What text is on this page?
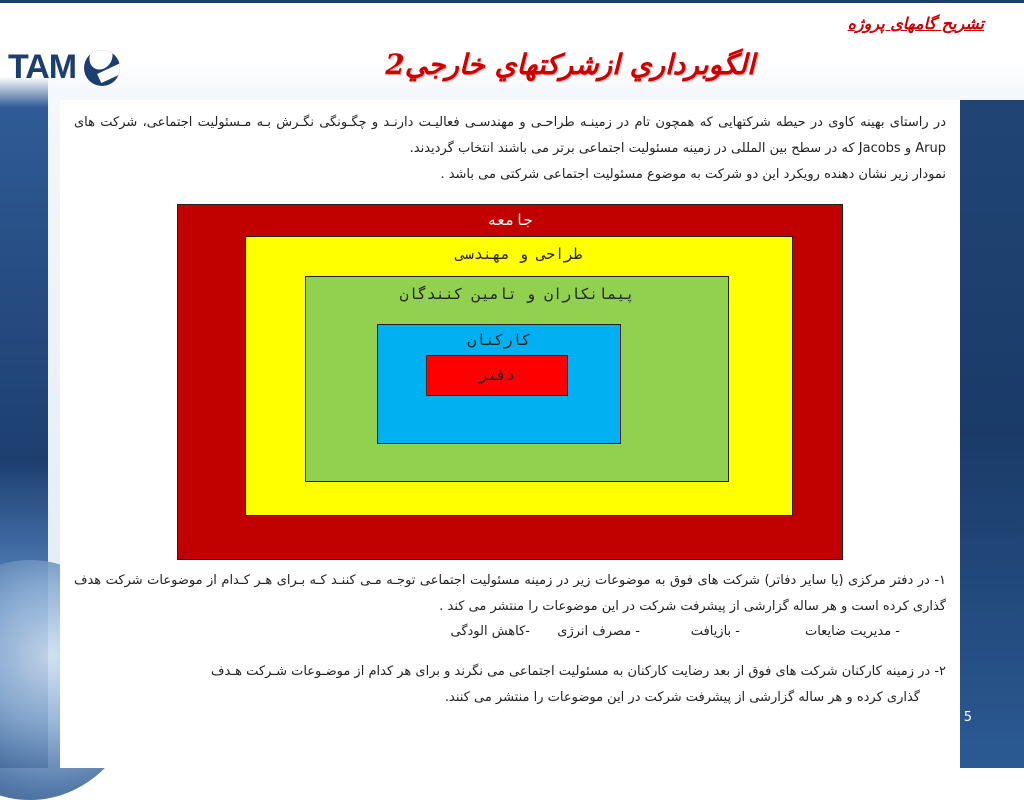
تشریح گامهای پروژه
TAM	الگوبرداري ازشركتهاي خارجي2

در راستای بهینه کاوی در حیطه شرکتهایی که همچون تام در زمینـه طراحـی و مهندسـی فعالیـت دارنـد و چگـونگی نگـرش بـه مـسئولیت اجتماعی، شرکت های Arup و Jacobs که در سطح بین المللی در زمینه مسئولیت اجتماعی برتر می باشند انتخاب گردیدند.

نمودار زیر نشان دهنده رویکرد این دو شرکت به موضوع مسئولیت اجتماعی شرکتی می باشد .

جامعه
طراحی و مهندسی
پیمانکاران و تامین کنندگان
کارکنان
دفتر

۱- در دفتر مرکزی (یا سایر دفاتر) شرکت های فوق به موضوعات زیر در زمینه مسئولیت اجتماعی توجـه مـی کننـد کـه بـرای هـر کـدام از موضوعات شرکت هدف گذاری کرده است و هر ساله گزارشی از پیشرفت شرکت در این موضوعات را منتشر می کند .

- مدیریت ضایعات
- بازیافت
- مصرف انرژی
-کاهش الودگی

۲- در زمینه کارکنان شرکت های فوق از بعد رضایت کارکنان به مسئولیت اجتماعی می نگرند و برای هر کدام از موضـوعات شـرکت هـدف

گذاری کرده و هر ساله گزارشی از پیشرفت شرکت در این موضوعات را منتشر می کنند.

5
